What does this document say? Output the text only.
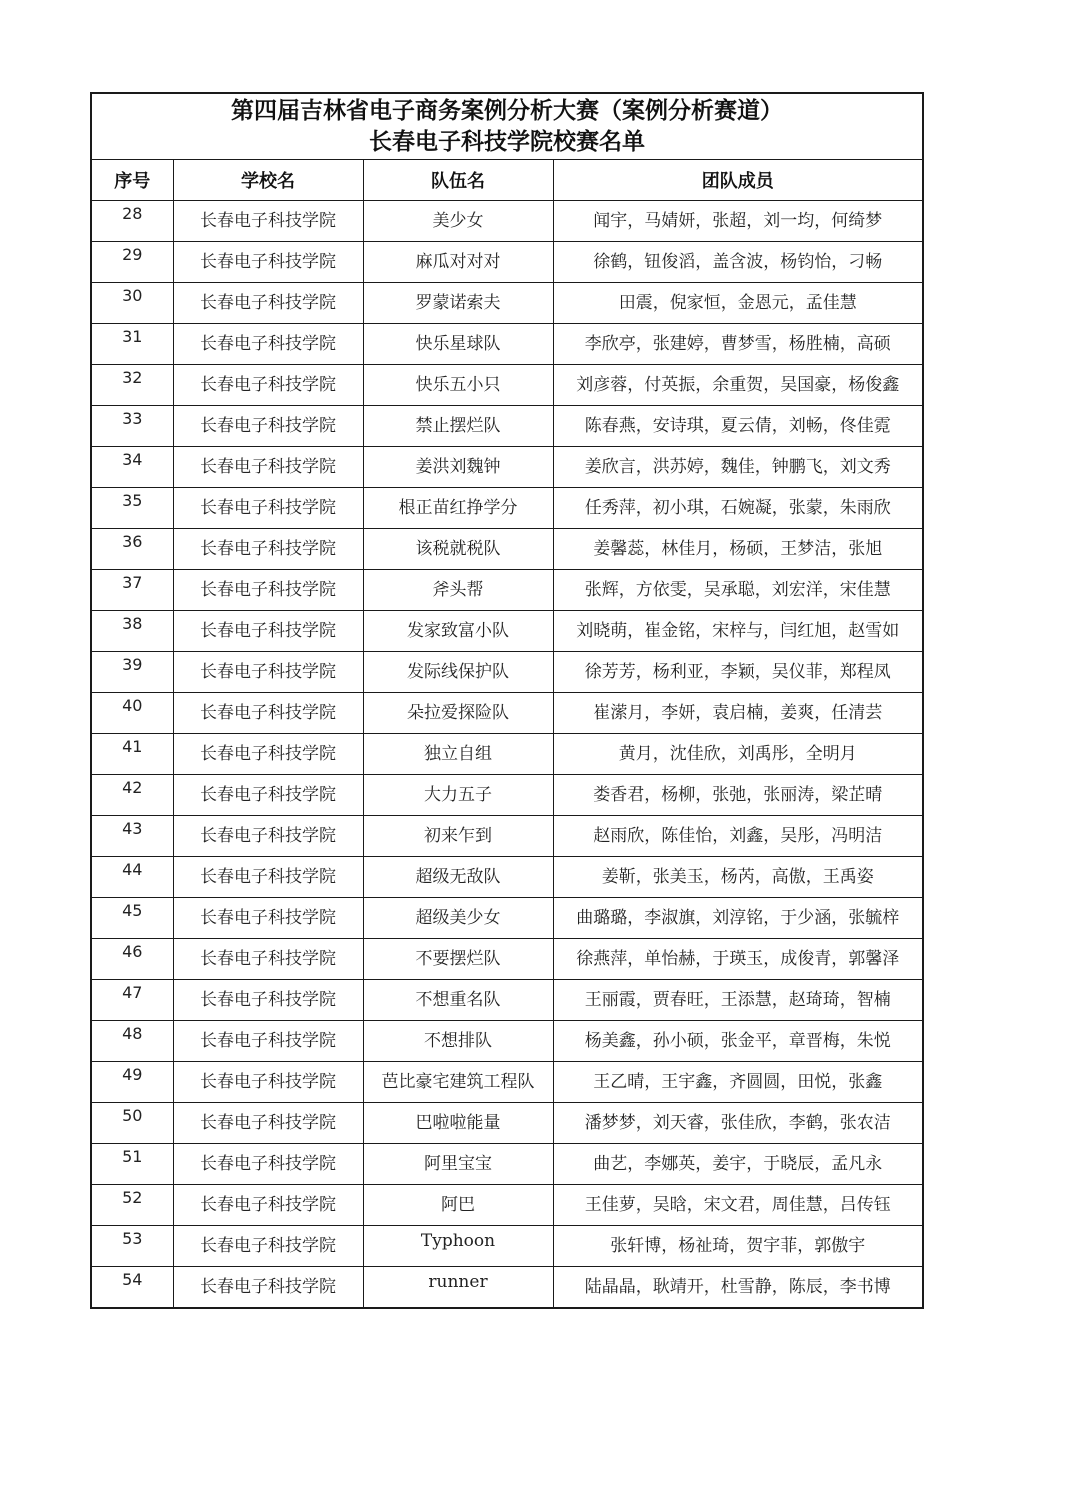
第四届吉林省电子商务案例分析大赛（案例分析赛道）
长春电子科技学院校赛名单
序号	学校名	队伍名	团队成员
28	长春电子科技学院	美少女	闻宇，马婧妍，张超，刘一均，何绮梦
29	长春电子科技学院	麻瓜对对对	徐鹤，钮俊滔，盖含波，杨钧怡，刁畅
30	长春电子科技学院	罗蒙诺索夫	田震，倪家恒，金恩元，孟佳慧
31	长春电子科技学院	快乐星球队	李欣亭，张建婷，曹梦雪，杨胜楠，高硕
32	长春电子科技学院	快乐五小只	刘彦蓉，付英振，余重贺，吴国豪，杨俊鑫
33	长春电子科技学院	禁止摆烂队	陈春燕，安诗琪，夏云倩，刘畅，佟佳霓
34	长春电子科技学院	姜洪刘魏钟	姜欣言，洪苏婷，魏佳，钟鹏飞，刘文秀
35	长春电子科技学院	根正苗红挣学分	任秀萍，初小琪，石婉凝，张蒙，朱雨欣
36	长春电子科技学院	该税就税队	姜馨蕊，林佳月，杨硕，王梦洁，张旭
37	长春电子科技学院	斧头帮	张辉，方依雯，吴承聪，刘宏洋，宋佳慧
38	长春电子科技学院	发家致富小队	刘晓萌，崔金铭，宋梓与，闫红旭，赵雪如
39	长春电子科技学院	发际线保护队	徐芳芳，杨利亚，李颖，吴仪菲，郑程凤
40	长春电子科技学院	朵拉爱探险队	崔潆月，李妍，袁启楠，姜爽，任清芸
41	长春电子科技学院	独立自组	黄月，沈佳欣，刘禹彤，全明月
42	长春电子科技学院	大力五子	娄香君，杨柳，张弛，张丽涛，梁芷晴
43	长春电子科技学院	初来乍到	赵雨欣，陈佳怡，刘鑫，吴彤，冯明洁
44	长春电子科技学院	超级无敌队	姜靳，张美玉，杨芮，高傲，王禹姿
45	长春电子科技学院	超级美少女	曲璐璐，李淑旗，刘淳铭，于少涵，张毓梓
46	长春电子科技学院	不要摆烂队	徐燕萍，单怡赫，于瑛玉，成俊青，郭馨泽
47	长春电子科技学院	不想重名队	王丽霞，贾春旺，王添慧，赵琦琦，智楠
48	长春电子科技学院	不想排队	杨美鑫，孙小硕，张金平，章晋梅，朱悦
49	长春电子科技学院	芭比豪宅建筑工程队	王乙晴，王宇鑫，齐圆圆，田悦，张鑫
50	长春电子科技学院	巴啦啦能量	潘梦梦，刘天睿，张佳欣，李鹤，张农洁
51	长春电子科技学院	阿里宝宝	曲艺，李娜英，姜宇，于晓辰，孟凡永
52	长春电子科技学院	阿巴	王佳萝，吴晗，宋文君，周佳慧，吕传钰
53	长春电子科技学院	Typhoon	张轩博，杨祉琦，贺宇菲，郭傲宇
54	长春电子科技学院	runner	陆晶晶，耿靖开，杜雪静，陈辰，李书博
